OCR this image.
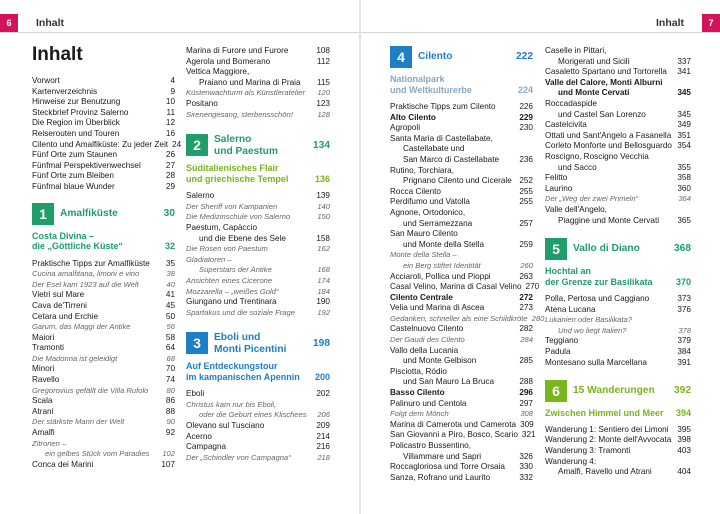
6	Inhalt
Inhalt
Vorwort	4
Kartenverzeichnis	9
Hinweise zur Benutzung	10
Steckbrief Provinz Salerno	11
Die Region im Überblick	12
Reiserouten und Touren	16
Cilento und Amalfiküste: Zu jeder Zeit 24
Fünf Orte zum Staunen	26
Fünfmal Perspektivenwechsel	27
Fünf Orte zum Bleiben	28
Fünfmal blaue Wunder	29
1	Amalfiküste	30
Costa Divina –
die „Göttliche Küste“	32
Praktische Tipps zur Amalfiküste	35
Cucina amalfitana, limoni e vino	38
Der Esel kam 1923 auf die Welt	40
Vietri sul Mare	41
Cava de'Tirreni	45
Cetara und Erchie	50
Garum, das Maggi der Antike	56
Maiori	58
Tramonti	64
Die Madonna ist geleidigt	68
Minori	70
Ravello	74
Gregorovius gefällt die Villa Rufolo	80
Scala	86
Atrani	88
Der stärkste Mann der Welt	90
Amalfi	92
Zitronen –
ein gelbes Stück vom Paradies	102
Conca dei Marini	107
Marina di Furore und Furore	108
Agerola und Bomerano	112
Vettica Maggiore,
Praiano und Marina di Praia	115
Küstenwachturm als Künstleratelier	120
Positano	123
Sirenengesang, sterbensschön!	128
2	Salerno
und Paestum	134
Süditalienisches Flair
und griechische Tempel	136
Salerno	139
Der Sheriff von Kampanien	140
Die Medizinschule von Salerno	150
Paestum, Capàccio
und die Ebene des Sele	158
Die Rosen von Paestum	162
Gladiatoren –
Superstars der Antike	168
Ansichten eines Cicerone	174
Mozzarella – „weißes Gold“	184
Giungano und Trentinara	190
Spartakus und die soziale Frage	192
3	Eboli und
Monti Picentini	198
Auf Entdeckungstour
im kampanischen Apennin 200
Eboli	202
Christus kam nur bis Eboli,
oder die Geburt eines Klischees	206
Olevano sul Tusciano	209
Acerno	214
Campagna	216
Der „Schindler von Campagna“	218
Inhalt	7
4	Cilento	222
Nationalpark
und Weltkulturerbe	224
Praktische Tipps zum Cilento	226
Alto Cilento	229
Agropoli	230
Santa Maria di Castellabate,
Castellabate und
San Marco di Castellabate	236
Rutino, Torchiara,
Prignano Cilento und Cicerale 252
Rocca Cilento	255
Perdifumo und Vatolla	255
Agnone, Ortodonico,
und Serramezzana	257
San Mauro Cilento
und Monte della Stella	259
Monte della Stella –
ein Berg stiftet Identität	260
Acciaroli, Pollica und Pioppi	263
Casal Velino, Marina di Casal Velino 270
Cilento Centrale	272
Velia und Marina di Ascea	273
Gedanken, schneller als eine Schildkröte 280
Castelnuovo Cilento	282
Der Gaudi des Cilento	284
Vallo della Lucania
und Monte Gelbison	285
Pisciotta, Ródio
und San Mauro La Bruca	288
Basso Cilento	296
Palinuro und Centola	297
Folgt dem Mönch	308
Marina di Camerota und Camerota 309
San Giovanni a Piro, Bosco, Scario 321
Policastro Bussentino,
Villammare und Sapri	326
Roccagloriosa und Torre Orsaia	330
Sanza, Rofrano und Laurito	332
Caselle in Pittari,
Morigerati und Sicilì	337
Casaletto Spartano und Tortorella	341
Valle del Calore, Monti Alburni
und Monte Cervati	345
Roccadaspide
und Castel San Lorenzo	345
Castelcivita	349
Ottati und Sant'Angelo a Fasanella 351
Corleto Monforte und Bellosguardo 354
Roscigno, Roscigno Vecchia
und Sacco	355
Felitto	358
Laurino	360
Der „Weg der zwei Primeln“	364
Valle dell'Angelo,
Piaggine und Monte Cervati	365
5	Vallo di Diano	368
Hochtal an
der Grenze zur Basilikata	370
Polla, Pertosa und Caggiano	373
Atena Lucana	376
Lukanien oder Basilikata?
Und wo liegt Italien?	378
Teggiano	379
Padula	384
Montesano sulla Marcellana	391
6	15 Wanderungen	392
Zwischen Himmel und Meer 394
Wanderung 1: Sentiero dei Limoni	395
Wanderung 2: Monte dell'Avvocata 398
Wanderung 3: Tramonti	403
Wanderung 4:
Amalfi, Ravello und Atrani	404
